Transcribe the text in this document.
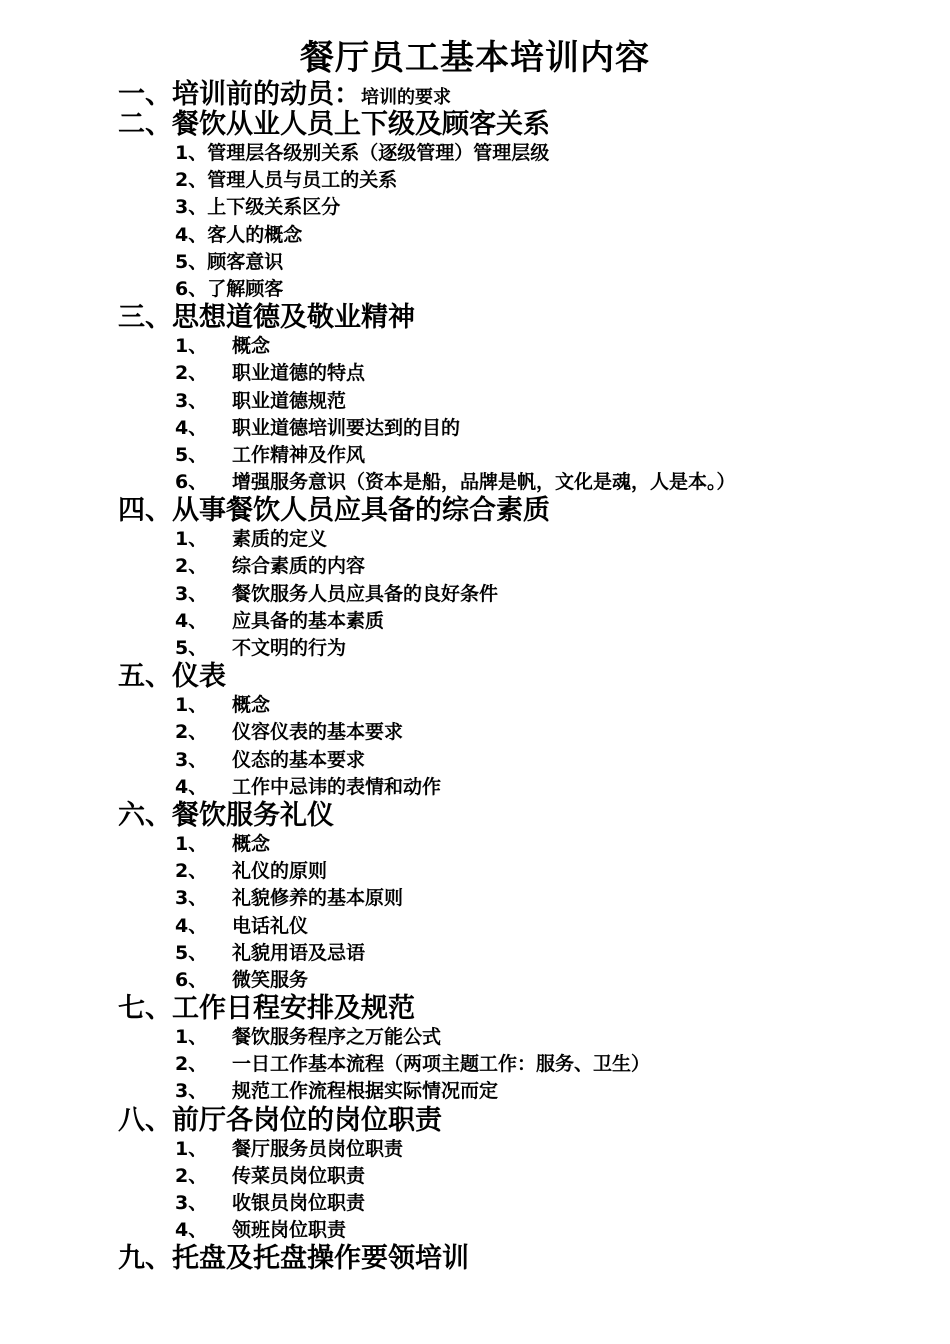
餐厅员工基本培训内容
一、培训前的动员：培训的要求
二、餐饮从业人员上下级及顾客关系
1、管理层各级别关系（逐级管理）管理层级
2、管理人员与员工的关系
3、上下级关系区分
4、客人的概念
5、顾客意识
6、了解顾客
三、思想道德及敬业精神
1、 概念
2、 职业道德的特点
3、 职业道德规范
4、 职业道德培训要达到的目的
5、 工作精神及作风
6、 增强服务意识（资本是船，品牌是帆，文化是魂，人是本。）
四、从事餐饮人员应具备的综合素质
1、 素质的定义
2、 综合素质的内容
3、 餐饮服务人员应具备的良好条件
4、 应具备的基本素质
5、 不文明的行为
五、仪表
1、 概念
2、 仪容仪表的基本要求
3、 仪态的基本要求
4、 工作中忌讳的表情和动作
六、餐饮服务礼仪
1、 概念
2、 礼仪的原则
3、 礼貌修养的基本原则
4、 电话礼仪
5、 礼貌用语及忌语
6、 微笑服务
七、工作日程安排及规范
1、 餐饮服务程序之万能公式
2、 一日工作基本流程（两项主题工作：服务、卫生）
3、 规范工作流程根据实际情况而定
八、前厅各岗位的岗位职责
1、 餐厅服务员岗位职责
2、 传菜员岗位职责
3、 收银员岗位职责
4、 领班岗位职责
九、托盘及托盘操作要领培训
